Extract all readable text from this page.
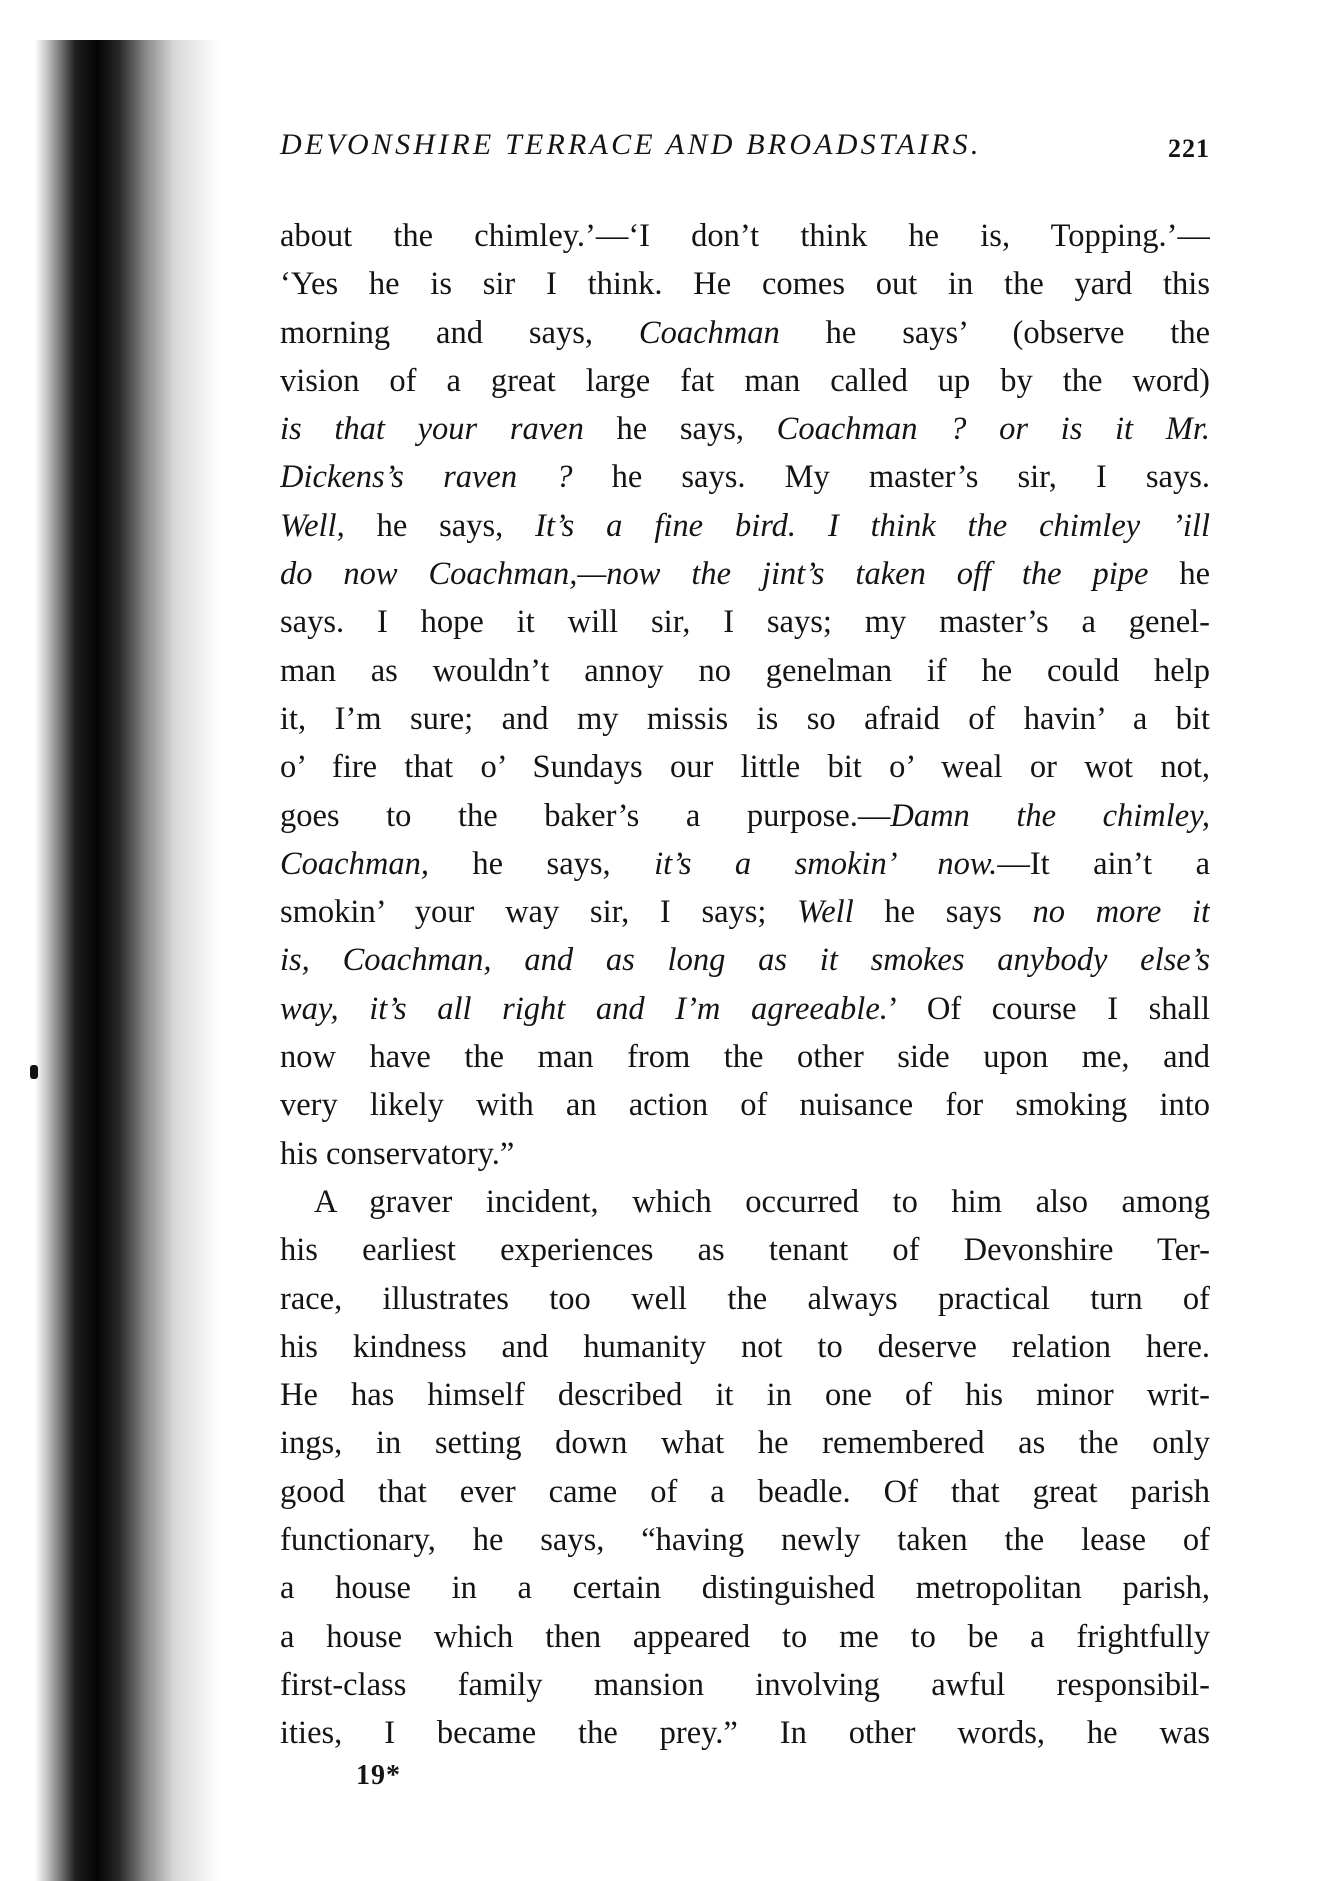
DEVONSHIRE TERRACE AND BROADSTAIRS.	221
about the chimley.’—‘I don’t think he is, Topping.’—
‘Yes he is sir I think. He comes out in the yard this
morning and says, Coachman he says’ (observe the
vision of a great large fat man called up by the word)
is that your raven he says, Coachman ? or is it Mr.
Dickens’s raven ? he says. My master’s sir, I says.
Well, he says, It’s a fine bird. I think the chimley ’ill
do now Coachman,—now the jint’s taken off the pipe he
says. I hope it will sir, I says; my master’s a genel-
man as wouldn’t annoy no genelman if he could help
it, I’m sure; and my missis is so afraid of havin’ a bit
o’ fire that o’ Sundays our little bit o’ weal or wot not,
goes to the baker’s a purpose.—Damn the chimley,
Coachman, he says, it’s a smokin’ now.—It ain’t a
smokin’ your way sir, I says; Well he says no more it
is, Coachman, and as long as it smokes anybody else’s
way, it’s all right and I’m agreeable.’ Of course I shall
now have the man from the other side upon me, and
very likely with an action of nuisance for smoking into
his conservatory.”
A graver incident, which occurred to him also among
his earliest experiences as tenant of Devonshire Ter-
race, illustrates too well the always practical turn of
his kindness and humanity not to deserve relation here.
He has himself described it in one of his minor writ-
ings, in setting down what he remembered as the only
good that ever came of a beadle. Of that great parish
functionary, he says, “having newly taken the lease of
a house in a certain distinguished metropolitan parish,
a house which then appeared to me to be a frightfully
first-class family mansion involving awful responsibil-
ities, I became the prey.” In other words, he was
19*
